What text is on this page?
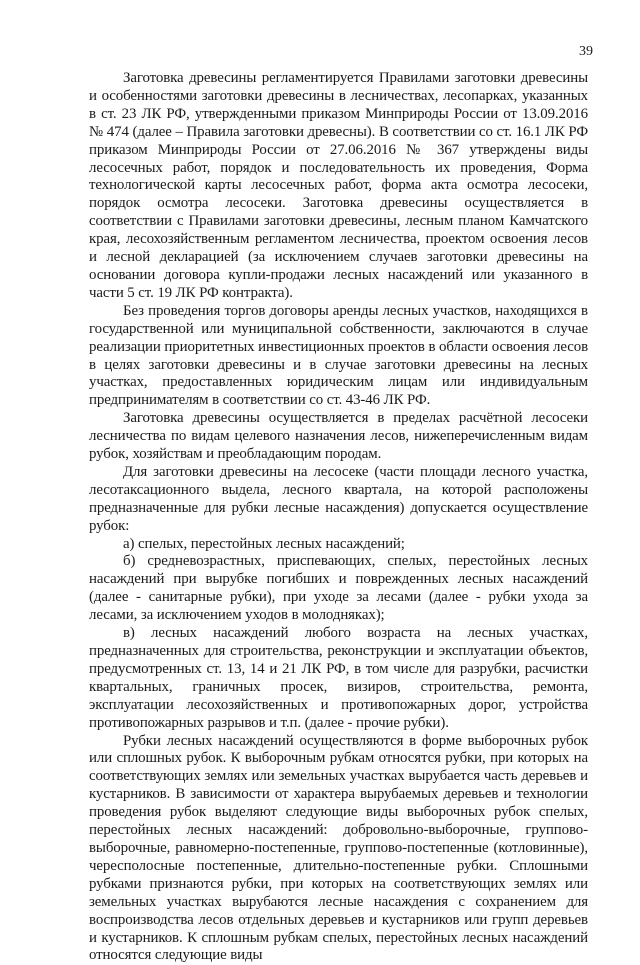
39

Заготовка древесины регламентируется Правилами заготовки древесины и особенностями заготовки древесины в лесничествах, лесопарках, указанных в ст. 23 ЛК РФ, утвержденными приказом Минприроды России от 13.09.2016 № 474 (далее – Правила заготовки древесны). В соответствии со ст. 16.1 ЛК РФ приказом Минприроды России от 27.06.2016 № 367 утверждены виды лесосечных работ, порядок и последовательность их проведения, Форма технологической карты лесосечных работ, форма акта осмотра лесосеки, порядок осмотра лесосеки. Заготовка древесины осуществляется в соответствии с Правилами заготовки древесины, лесным планом Камчатского края, лесохозяйственным регламентом лесничества, проектом освоения лесов и лесной декларацией (за исключением случаев заготовки древесины на основании договора купли-продажи лесных насаждений или указанного в части 5 ст. 19 ЛК РФ контракта).

Без проведения торгов договоры аренды лесных участков, находящихся в государственной или муниципальной собственности, заключаются в случае реализации приоритетных инвестиционных проектов в области освоения лесов в целях заготовки древесины и в случае заготовки древесины на лесных участках, предоставленных юридическим лицам или индивидуальным предпринимателям в соответствии со ст. 43-46 ЛК РФ.

Заготовка древесины осуществляется в пределах расчётной лесосеки лесничества по видам целевого назначения лесов, нижеперечисленным видам рубок, хозяйствам и преобладающим породам.

Для заготовки древесины на лесосеке (части площади лесного участка, лесотаксационного выдела, лесного квартала, на которой расположены предназначенные для рубки лесные насаждения) допускается осуществление рубок:

а) спелых, перестойных лесных насаждений;

б) средневозрастных, приспевающих, спелых, перестойных лесных насаждений при вырубке погибших и поврежденных лесных насаждений (далее - санитарные рубки), при уходе за лесами (далее - рубки ухода за лесами, за исключением уходов в молодняках);

в) лесных насаждений любого возраста на лесных участках, предназначенных для строительства, реконструкции и эксплуатации объектов, предусмотренных ст. 13, 14 и 21 ЛК РФ, в том числе для разрубки, расчистки квартальных, граничных просек, визиров, строительства, ремонта, эксплуатации лесохозяйственных и противопожарных дорог, устройства противопожарных разрывов и т.п. (далее - прочие рубки).

Рубки лесных насаждений осуществляются в форме выборочных рубок или сплошных рубок. К выборочным рубкам относятся рубки, при которых на соответствующих землях или земельных участках вырубается часть деревьев и кустарников. В зависимости от характера вырубаемых деревьев и технологии проведения рубок выделяют следующие виды выборочных рубок спелых, перестойных лесных насаждений: добровольно-выборочные, группово-выборочные, равномерно-постепенные, группово-постепенные (котловинные), чересполосные постепенные, длительно-постепенные рубки. Сплошными рубками признаются рубки, при которых на соответствующих землях или земельных участках вырубаются лесные насаждения с сохранением для воспроизводства лесов отдельных деревьев и кустарников или групп деревьев и кустарников. К сплошным рубкам спелых, перестойных лесных насаждений относятся следующие виды
